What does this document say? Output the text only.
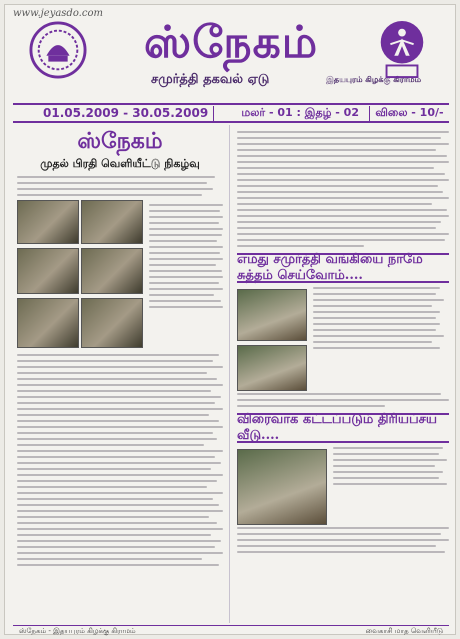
www.jeyasdo.com
ஸ்நேகம்
சமுர்த்தி தகவல் ஏடு	இதயபுரம் கிழக்கு கிராமம்
01.05.2009 - 30.05.2009	மலர் - 01 : இதழ் - 02	விலை - 10/-
ஸ்நேகம்
முதல் பிரதி வெளியீட்டு நிகழ்வு
எமது சமுர்த்தி வங்கியை நாமே சுத்தம் செய்வோம்....
விரைவாக கட்டப்படும் திரியப்சய வீடு....
ஸ்நேகம் - இதயபுரம் கிழக்கு கிராமம்	வைகாசி மாத வெளியீடு
